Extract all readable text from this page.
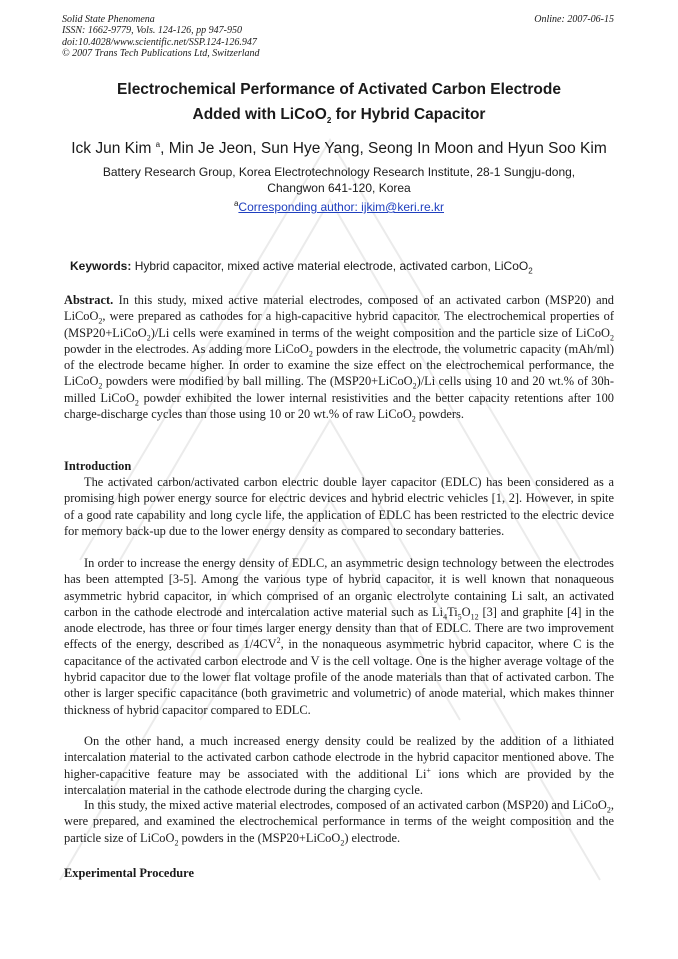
Solid State Phenomena
ISSN: 1662-9779, Vols. 124-126, pp 947-950
doi:10.4028/www.scientific.net/SSP.124-126.947
© 2007 Trans Tech Publications Ltd, Switzerland
Online: 2007-06-15
Electrochemical Performance of Activated Carbon Electrode
Added with LiCoO$_2$ for Hybrid Capacitor
Ick Jun Kim $^a$, Min Je Jeon, Sun Hye Yang, Seong In Moon and Hyun Soo Kim
Battery Research Group, Korea Electrotechnology Research Institute, 28-1 Sungju-dong,
Changwon 641-120, Korea
$^a$Corresponding author: ijkim@keri.re.kr
Keywords: Hybrid capacitor, mixed active material electrode, activated carbon, LiCoO$_2$

Abstract. In this study, mixed active material electrodes, composed of an activated carbon (MSP20) and LiCoO$_2$, were prepared as cathodes for a high-capacitive hybrid capacitor. The electrochemical properties of (MSP20+LiCoO$_2$)/Li cells were examined in terms of the weight composition and the particle size of LiCoO$_2$ powder in the electrodes. As adding more LiCoO$_2$ powders in the electrode, the volumetric capacity (mAh/ml) of the electrode became higher. In order to examine the size effect on the electrochemical performance, the LiCoO$_2$ powders were modified by ball milling. The (MSP20+LiCoO$_2$)/Li cells using 10 and 20 wt.% of 30h-milled LiCoO$_2$ powder exhibited the lower internal resistivities and the better capacity retentions after 100 charge-discharge cycles than those using 10 or 20 wt.% of raw LiCoO$_2$ powders.

Introduction

The activated carbon/activated carbon electric double layer capacitor (EDLC) has been considered as a promising high power energy source for electric devices and hybrid electric vehicles [1, 2]. However, in spite of a good rate capability and long cycle life, the application of EDLC has been restricted to the electric device for memory back-up due to the lower energy density as compared to secondary batteries.

In order to increase the energy density of EDLC, an asymmetric design technology between the electrodes has been attempted [3-5]. Among the various type of hybrid capacitor, it is well known that nonaqueous asymmetric hybrid capacitor, in which comprised of an organic electrolyte containing Li salt, an activated carbon in the cathode electrode and intercalation active material such as $Li_4Ti_5O_{12}$ [3] and graphite [4] in the anode electrode, has three or four times larger energy density than that of EDLC. There are two improvement effects of the energy, described as $1/4CV^2$, in the nonaqueous asymmetric hybrid capacitor, where C is the capacitance of the activated carbon electrode and V is the cell voltage. One is the higher average voltage of the hybrid capacitor due to the lower flat voltage profile of the anode materials than that of activated carbon. The other is larger specific capacitance (both gravimetric and volumetric) of anode material, which makes thinner thickness of hybrid capacitor compared to EDLC.

On the other hand, a much increased energy density could be realized by the addition of a lithiated intercalation material to the activated carbon cathode electrode in the hybrid capacitor mentioned above. The higher-capacitive feature may be associated with the additional Li+ ions which are provided by the intercalation material in the cathode electrode during the charging cycle.

In this study, the mixed active material electrodes, composed of an activated carbon (MSP20) and LiCoO$_2$, were prepared, and examined the electrochemical performance in terms of the weight composition and the particle size of LiCoO$_2$ powders in the (MSP20+LiCoO$_2$) electrode.

Experimental Procedure
